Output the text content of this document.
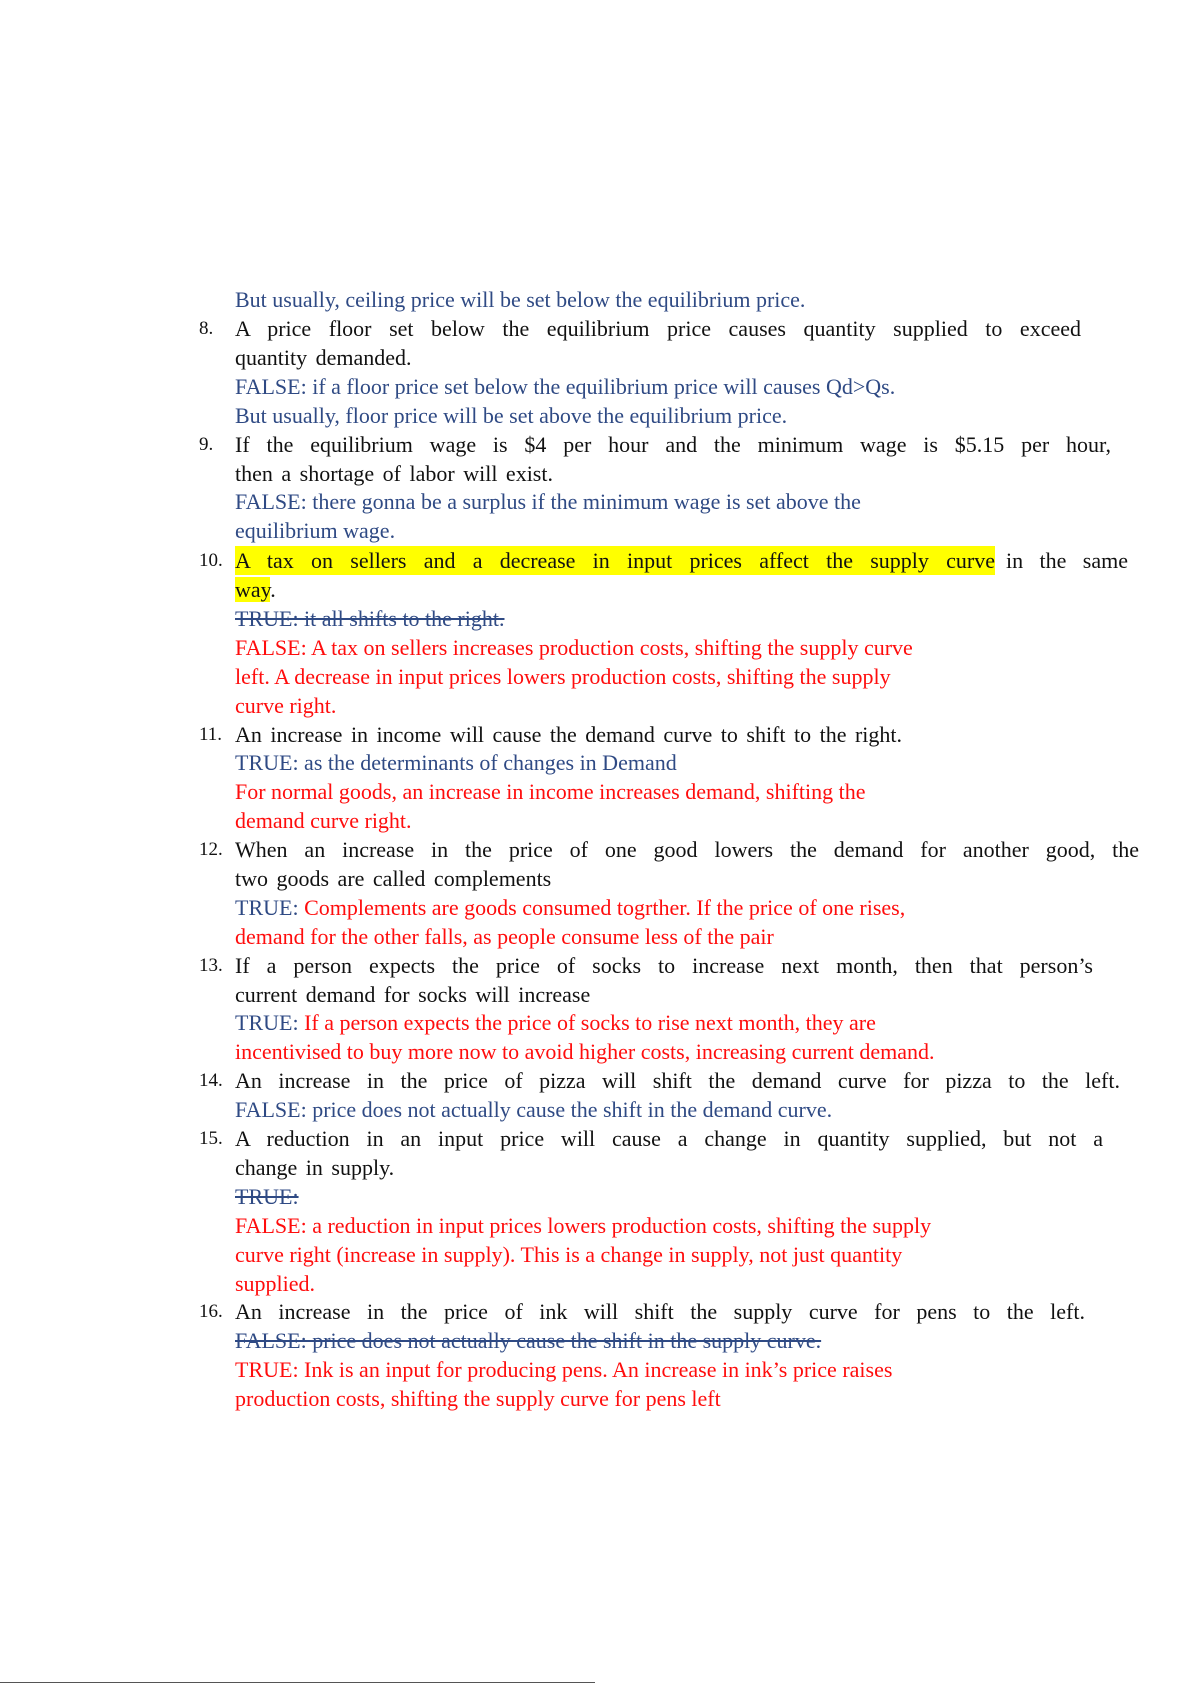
But usually, ceiling price will be set below the equilibrium price.
8. A price floor set below the equilibrium price causes quantity supplied to exceed
quantity demanded.
FALSE: if a floor price set below the equilibrium price will causes Qd>Qs.
But usually, floor price will be set above the equilibrium price.
9. If the equilibrium wage is $4 per hour and the minimum wage is $5.15 per hour,
then a shortage of labor will exist.
FALSE: there gonna be a surplus if the minimum wage is set above the
equilibrium wage.
10. A tax on sellers and a decrease in input prices affect the supply curve in the same
way.
TRUE: it all shifts to the right.
FALSE: A tax on sellers increases production costs, shifting the supply curve
left. A decrease in input prices lowers production costs, shifting the supply
curve right.
11. An increase in income will cause the demand curve to shift to the right.
TRUE: as the determinants of changes in Demand
For normal goods, an increase in income increases demand, shifting the
demand curve right.
12. When an increase in the price of one good lowers the demand for another good, the
two goods are called complements
TRUE: Complements are goods consumed togrther. If the price of one rises,
demand for the other falls, as people consume less of the pair
13. If a person expects the price of socks to increase next month, then that person’s
current demand for socks will increase
TRUE: If a person expects the price of socks to rise next month, they are
incentivised to buy more now to avoid higher costs, increasing current demand.
14. An increase in the price of pizza will shift the demand curve for pizza to the left.
FALSE: price does not actually cause the shift in the demand curve.
15. A reduction in an input price will cause a change in quantity supplied, but not a
change in supply.
TRUE:
FALSE: a reduction in input prices lowers production costs, shifting the supply
curve right (increase in supply). This is a change in supply, not just quantity
supplied.
16. An increase in the price of ink will shift the supply curve for pens to the left.
FALSE: price does not actually cause the shift in the supply curve.
TRUE: Ink is an input for producing pens. An increase in ink’s price raises
production costs, shifting the supply curve for pens left
